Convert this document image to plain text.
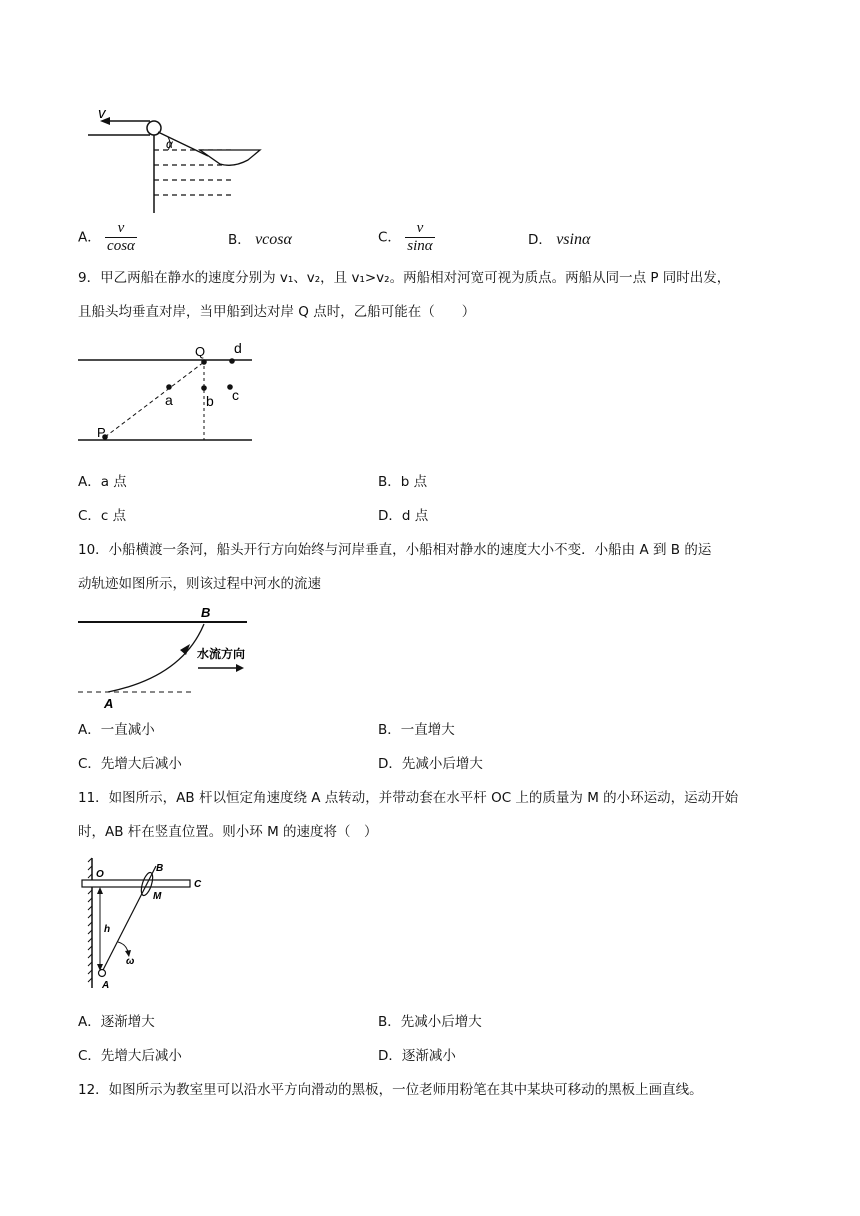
v
α
A． $\frac{v}{\cos\alpha}$	B． vcosα	C． $\frac{v}{\sin\alpha}$	D． vsinα
9．甲乙两船在静水的速度分别为 v₁、v₂，且 v₁>v₂。两船相对河宽可视为质点。两船从同一点 P 同时出发，
且船头均垂直对岸，当甲船到达对岸 Q 点时，乙船可能在（　　）
P
Q
a b c
d
A．a 点	B．b 点
C．c 点	D．d 点
10．小船横渡一条河，船头开行方向始终与河岸垂直，小船相对静水的速度大小不变．小船由 A 到 B 的运
动轨迹如图所示，则该过程中河水的流速
B
A
水流方向
A．一直减小	B．一直增大
C．先增大后减小	D．先减小后增大
11．如图所示，AB 杆以恒定角速度绕 A 点转动，并带动套在水平杆 OC 上的质量为 M 的小环运动，运动开始
时，AB 杆在竖直位置。则小环 M 的速度将（　）
O
B
C
M
h
ω
A
A．逐渐增大	B．先减小后增大
C．先增大后减小	D．逐渐减小
12．如图所示为教室里可以沿水平方向滑动的黑板，一位老师用粉笔在其中某块可移动的黑板上画直线。
